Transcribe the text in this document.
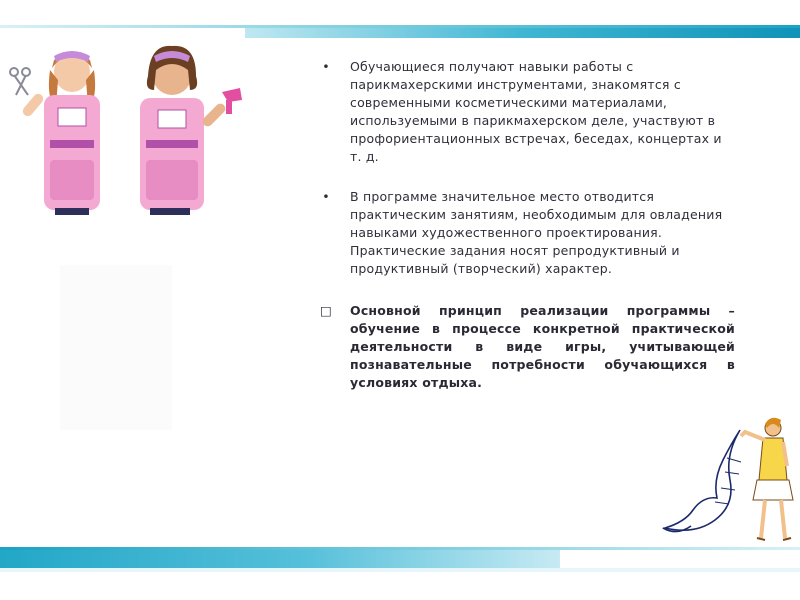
• Обучающиеся получают навыки работы с парикмахерскими инструментами, знакомятся с современными косметическими материалами, используемыми в парикмахерском деле, участвуют в профориентационных встречах, беседах, концертах и т. д.
• В программе значительное место отводится практическим занятиям, необходимым для овладения навыками художественного проектирования. Практические задания носят репродуктивный и продуктивный (творческий) характер.
□ Основной принцип реализации программы – обучение в процессе конкретной практической деятельности в виде игры, учитывающей познавательные потребности обучающихся в условиях отдыха.
